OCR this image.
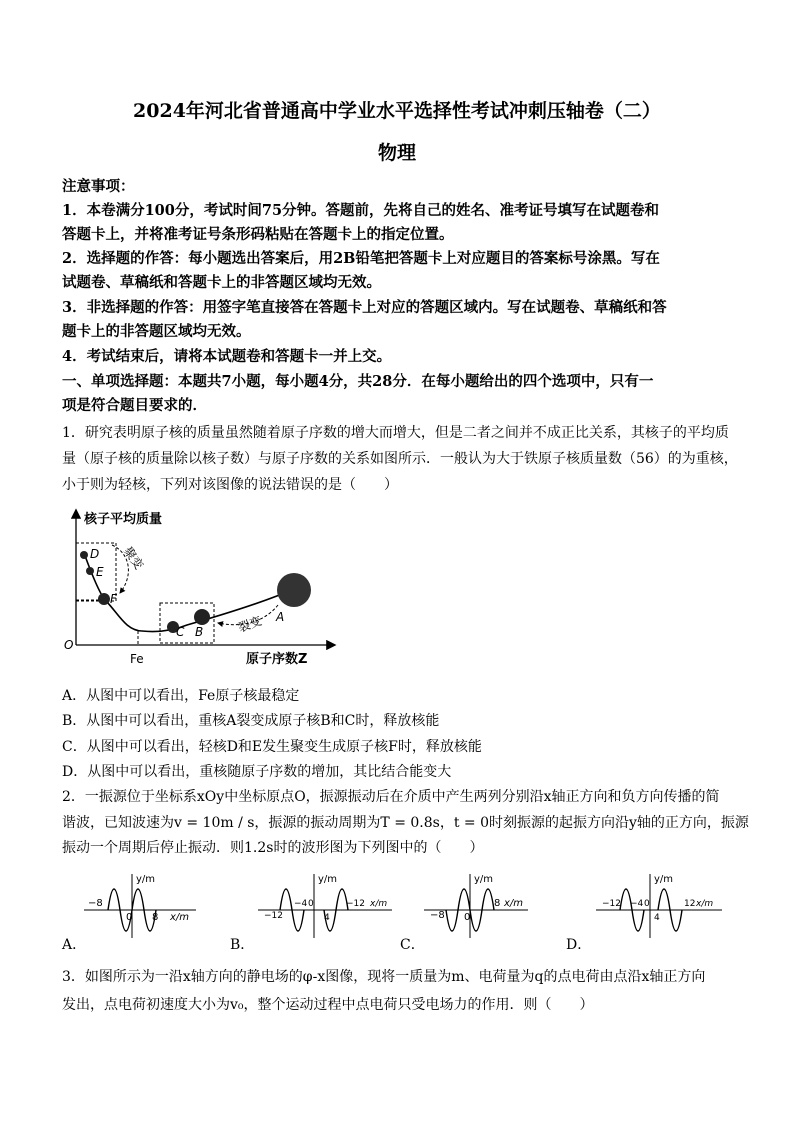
2024年河北省普通高中学业水平选择性考试冲刺压轴卷（二）
物理
注意事项：
1．本卷满分100分，考试时间75分钟。答题前，先将自己的姓名、准考证号填写在试题卷和
答题卡上，并将准考证号条形码粘贴在答题卡上的指定位置。
2．选择题的作答：每小题选出答案后，用2B铅笔把答题卡上对应题目的答案标号涂黑。写在
试题卷、草稿纸和答题卡上的非答题区域均无效。
3．非选择题的作答：用签字笔直接答在答题卡上对应的答题区域内。写在试题卷、草稿纸和答
题卡上的非答题区域均无效。
4．考试结束后，请将本试题卷和答题卡一并上交。
一、单项选择题：本题共7小题，每小题4分，共28分．在每小题给出的四个选项中，只有一
项是符合题目要求的．
1．研究表明原子核的质量虽然随着原子序数的增大而增大，但是二者之间并不成正比关系，其核子的平均质
量（原子核的质量除以核子数）与原子序数的关系如图所示．一般认为大于铁原子核质量数（56）的为重核，
小于则为轻核，下列对该图像的说法错误的是（　　）
核子平均质量
原子序数Z
O
Fe
D
E
F
C B
A
聚变
裂变
A．从图中可以看出，Fe原子核最稳定
B．从图中可以看出，重核A裂变成原子核B和C时，释放核能
C．从图中可以看出，轻核D和E发生聚变生成原子核F时，释放核能
D．从图中可以看出，重核随原子序数的增加，其比结合能变大
2．一振源位于坐标系xOy中坐标原点O，振源振动后在介质中产生两列分别沿x轴正方向和负方向传播的简
谐波，已知波速为v = 10m / s，振源的振动周期为T = 0.8s，t = 0时刻振源的起振方向沿y轴的正方向，振源
振动一个周期后停止振动．则1.2s时的波形图为下列图中的（　　）
A．
y/m
−8
0 8 x/m
B．
y/m
−12
−4 0
4
−12 x/m
C．
y/m
−8 0
8 x/m
D．
y/m
−12 −4 0
4
12 x/m
3．如图所示为一沿x轴方向的静电场的φ-x图像，现将一质量为m、电荷量为q的点电荷由点沿x轴正方向
发出，点电荷初速度大小为v₀，整个运动过程中点电荷只受电场力的作用．则（　　）
